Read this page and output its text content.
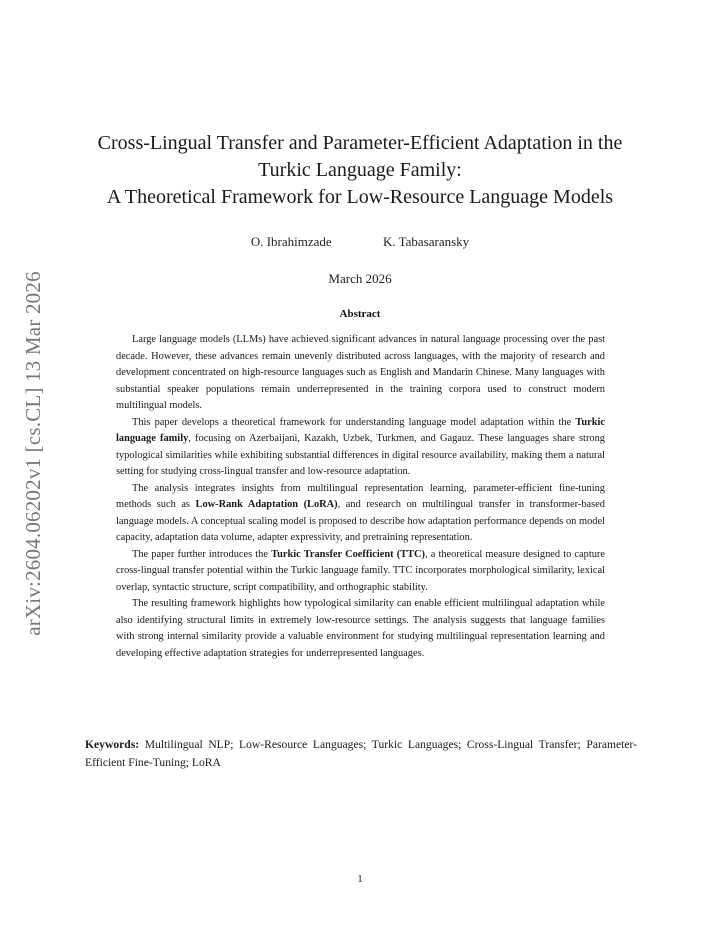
arXiv:2604.06202v1 [cs.CL] 13 Mar 2026
Cross-Lingual Transfer and Parameter-Efficient Adaptation in the
Turkic Language Family:
A Theoretical Framework for Low-Resource Language Models
O. Ibrahimzade	K. Tabasaransky
March 2026
Abstract

Large language models (LLMs) have achieved significant advances in natural language processing over the past decade. However, these advances remain unevenly distributed across languages, with the majority of research and development concentrated on high-resource languages such as English and Mandarin Chinese. Many languages with substantial speaker populations remain underrepresented in the training corpora used to construct modern multilingual models.

This paper develops a theoretical framework for understanding language model adaptation within the Turkic language family, focusing on Azerbaijani, Kazakh, Uzbek, Turkmen, and Gagauz. These languages share strong typological similarities while exhibiting substantial differences in digital resource availability, making them a natural setting for studying cross-lingual transfer and low-resource adaptation.

The analysis integrates insights from multilingual representation learning, parameter-efficient fine-tuning methods such as Low-Rank Adaptation (LoRA), and research on multilingual transfer in transformer-based language models. A conceptual scaling model is proposed to describe how adaptation performance depends on model capacity, adaptation data volume, adapter expressivity, and pretraining representation.

The paper further introduces the Turkic Transfer Coefficient (TTC), a theoretical measure designed to capture cross-lingual transfer potential within the Turkic language family. TTC incorporates morphological similarity, lexical overlap, syntactic structure, script compatibility, and orthographic stability.

The resulting framework highlights how typological similarity can enable efficient multilingual adaptation while also identifying structural limits in extremely low-resource settings. The analysis suggests that language families with strong internal similarity provide a valuable environment for studying multilingual representation learning and developing effective adaptation strategies for underrepresented languages.

Keywords: Multilingual NLP; Low-Resource Languages; Turkic Languages; Cross-Lingual Transfer; Parameter-Efficient Fine-Tuning; LoRA
1
